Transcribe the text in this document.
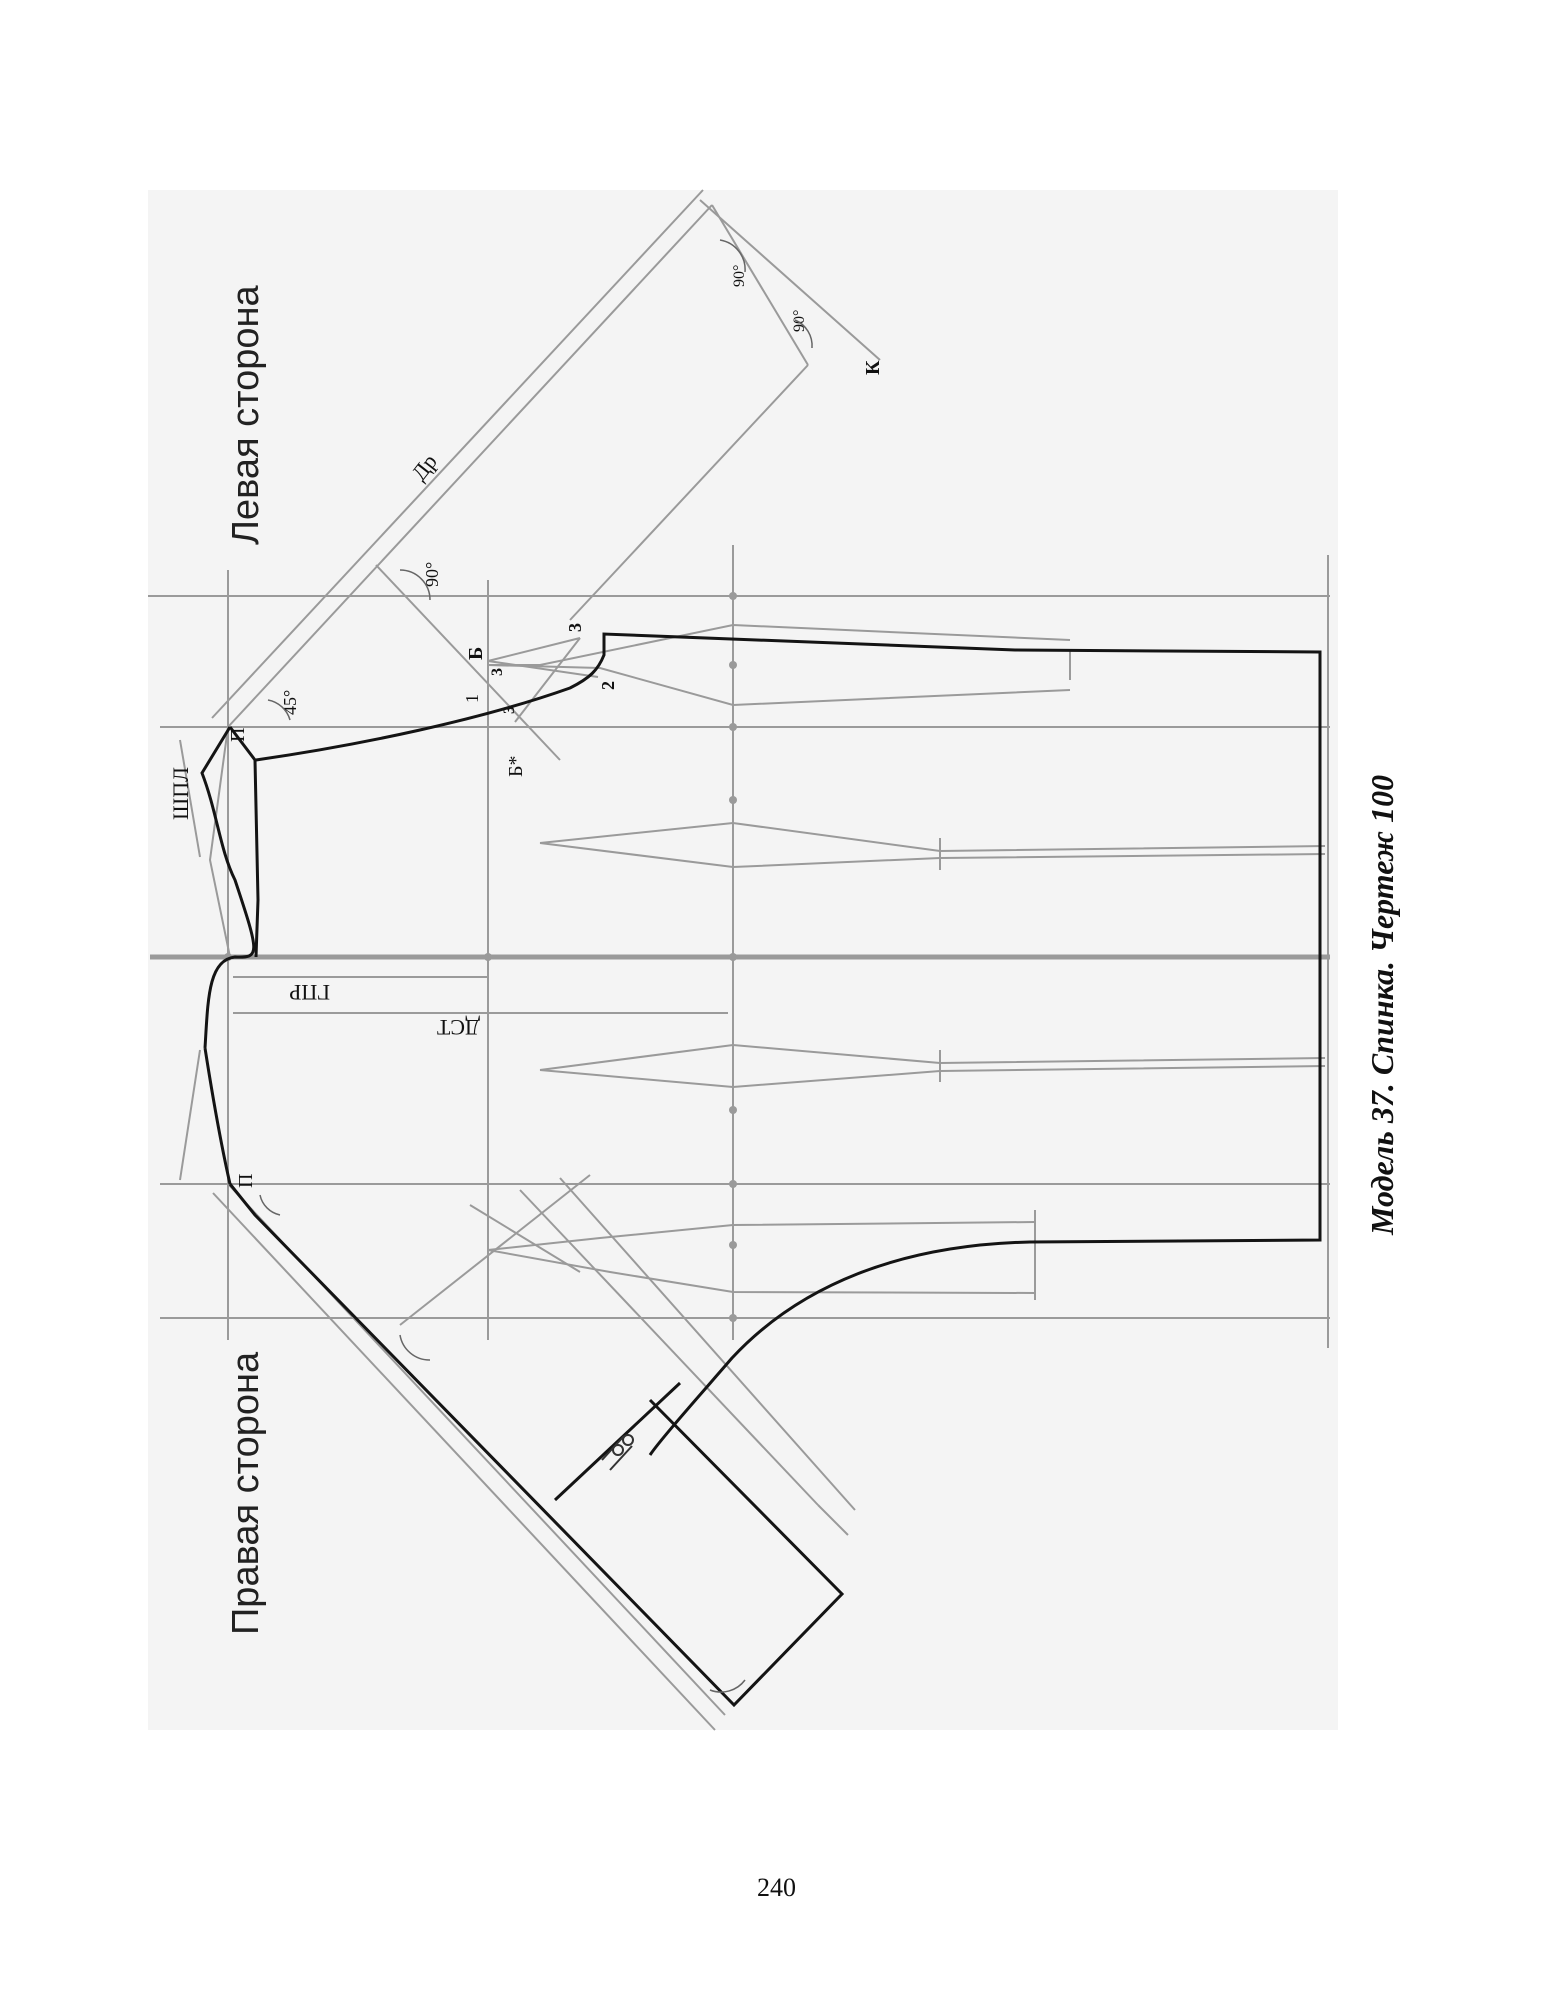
Левая сторона
Правая сторона
Модель 37. Спинка. Чертеж 100
240
Др
ШПЛ
ГПР
ДСТ
П
П
Б
Б*
К
1
2
3
3
3
45°
90°
90°
90°
